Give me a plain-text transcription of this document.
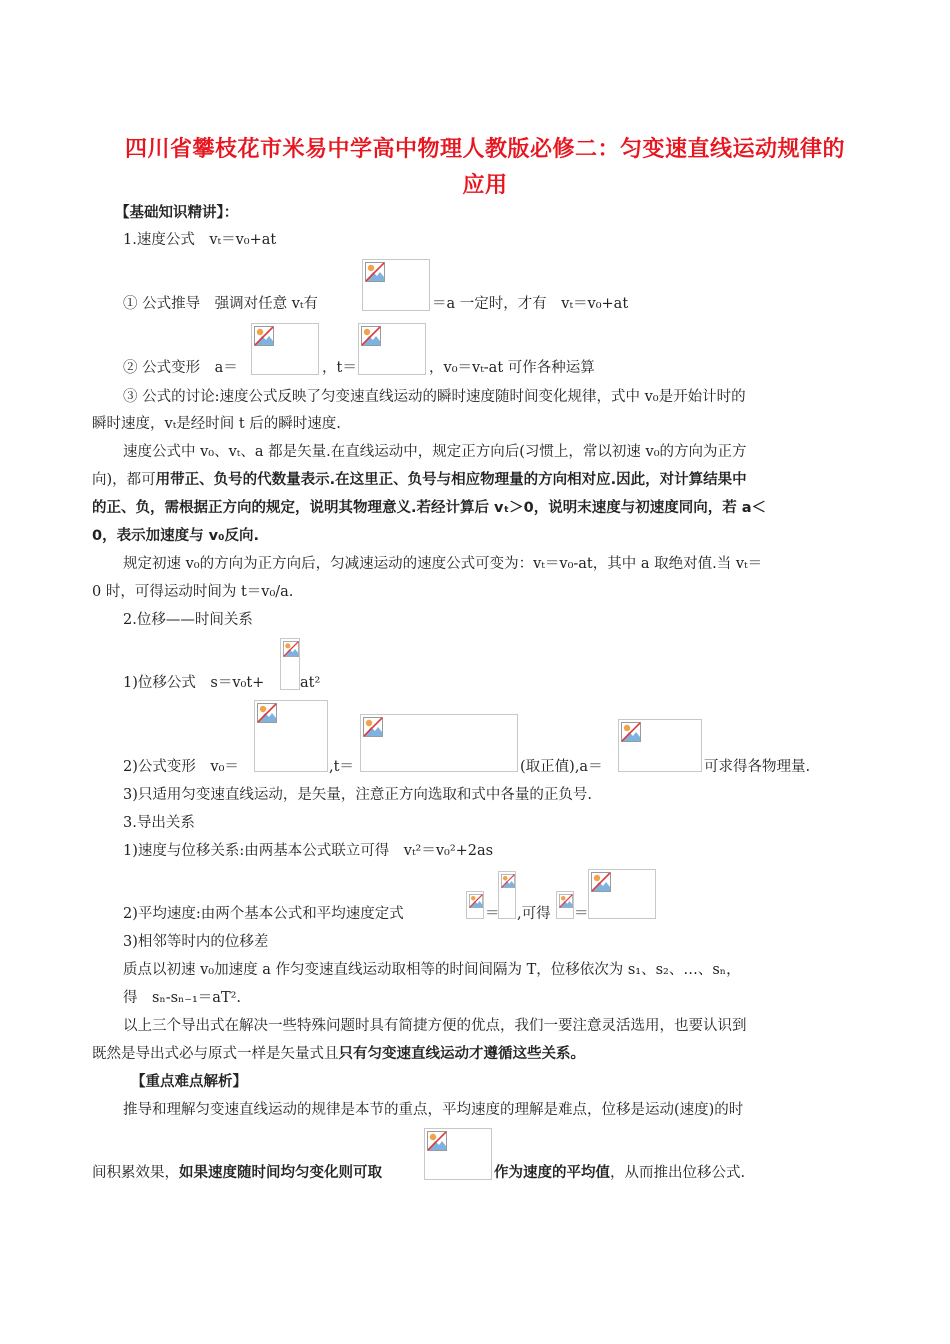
四川省攀枝花市米易中学高中物理人教版必修二：匀变速直线运动规律的
应用
【基础知识精讲】：
1.速度公式　vₜ＝v₀+at
① 公式推导　强调对任意 vₜ有	＝a 一定时，才有　vₜ＝v₀+at
② 公式变形　a＝	，t＝	，v₀＝vₜ-at 可作各种运算
③ 公式的讨论:速度公式反映了匀变速直线运动的瞬时速度随时间变化规律，式中 v₀是开始计时的
瞬时速度，vₜ是经时间 t 后的瞬时速度.
速度公式中 v₀、vₜ、a 都是矢量.在直线运动中，规定正方向后(习惯上，常以初速 v₀的方向为正方
向)，都可用带正、负号的代数量表示.在这里正、负号与相应物理量的方向相对应.因此，对计算结果中
的正、负，需根据正方向的规定，说明其物理意义.若经计算后 vₜ＞0，说明末速度与初速度同向，若 a＜
0，表示加速度与 v₀反向.
规定初速 v₀的方向为正方向后，匀减速运动的速度公式可变为：vₜ＝v₀-at，其中 a 取绝对值.当 vₜ＝
0 时，可得运动时间为 t＝v₀/a.
2.位移——时间关系
1)位移公式　s＝v₀t+ at²
2)公式变形　v₀＝	,t＝	(取正值),a＝	可求得各物理量.
3)只适用匀变速直线运动，是矢量，注意正方向选取和式中各量的正负号.
3.导出关系
1)速度与位移关系:由两基本公式联立可得　vₜ²＝v₀²+2as
2)平均速度:由两个基本公式和平均速度定式	＝ ,可得 ＝
3)相邻等时内的位移差
质点以初速 v₀加速度 a 作匀变速直线运动取相等的时间间隔为 T，位移依次为 s₁、s₂、…、sₙ，
得　sₙ-sₙ₋₁＝aT².
以上三个导出式在解决一些特殊问题时具有简捷方便的优点，我们一要注意灵活选用，也要认识到
既然是导出式必与原式一样是矢量式且只有匀变速直线运动才遵循这些关系。
【重点难点解析】
推导和理解匀变速直线运动的规律是本节的重点，平均速度的理解是难点，位移是运动(速度)的时
间积累效果，如果速度随时间均匀变化则可取	作为速度的平均值，从而推出位移公式.
